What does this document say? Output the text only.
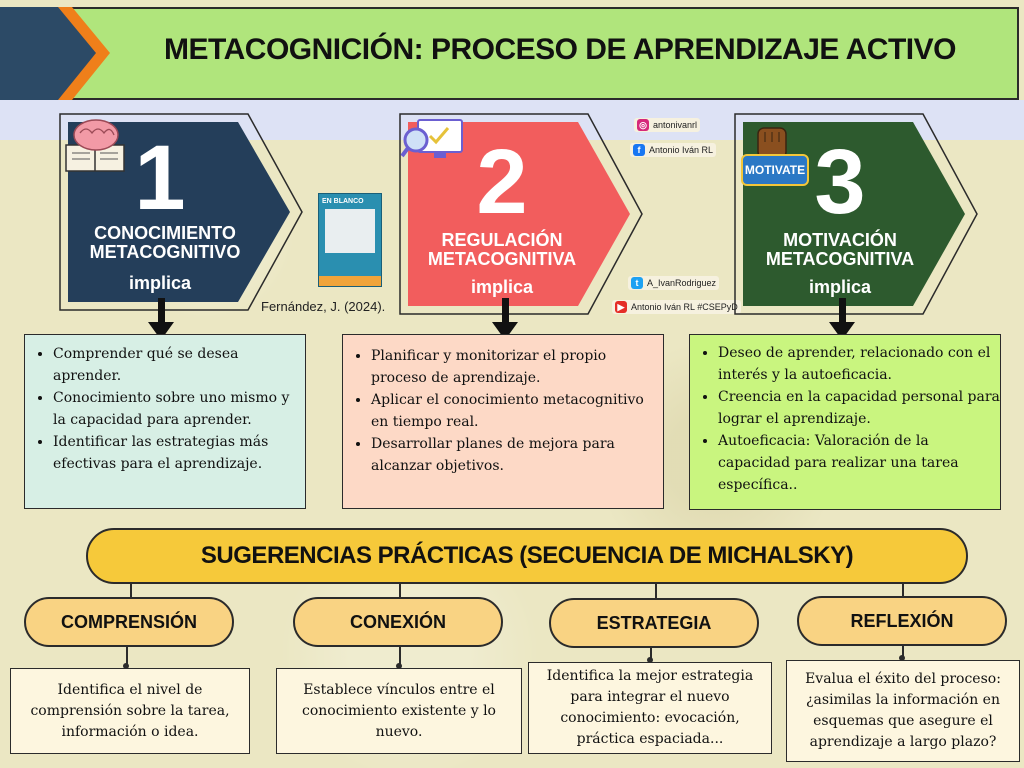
METACOGNICIÓN: PROCESO DE APRENDIZAJE ACTIVO
1
CONOCIMIENTO
METACOGNITIVO
implica
EN BLANCO
Fernández, J. (2024).
2
REGULACIÓN
METACOGNITIVA
implica
◎ antonivanrl
f Antonio Iván RL
t A_IvanRodriguez
▶ Antonio Iván RL #CSEPyD
3
MOTIVACIÓN
METACOGNITIVA
implica
MOTIVATE
• Comprender qué se desea aprender.
• Conocimiento sobre uno mismo y la capacidad para aprender.
• Identificar las estrategias más efectivas para el aprendizaje.
• Planificar y monitorizar el propio proceso de aprendizaje.
• Aplicar el conocimiento metacognitivo en tiempo real.
• Desarrollar planes de mejora para alcanzar objetivos.
• Deseo de aprender, relacionado con el interés y la autoeficacia.
• Creencia en la capacidad personal para lograr el aprendizaje.
• Autoeficacia: Valoración de la capacidad para realizar una tarea específica..
SUGERENCIAS PRÁCTICAS (SECUENCIA DE MICHALSKY)
COMPRENSIÓN	CONEXIÓN	ESTRATEGIA	REFLEXIÓN
Identifica el nivel de comprensión sobre la tarea, información o idea.
Establece vínculos entre el conocimiento existente y lo nuevo.
Identifica la mejor estrategia para integrar el nuevo conocimiento: evocación, práctica espaciada...
Evalua el éxito del proceso: ¿asimilas la información en esquemas que asegure el aprendizaje a largo plazo?
